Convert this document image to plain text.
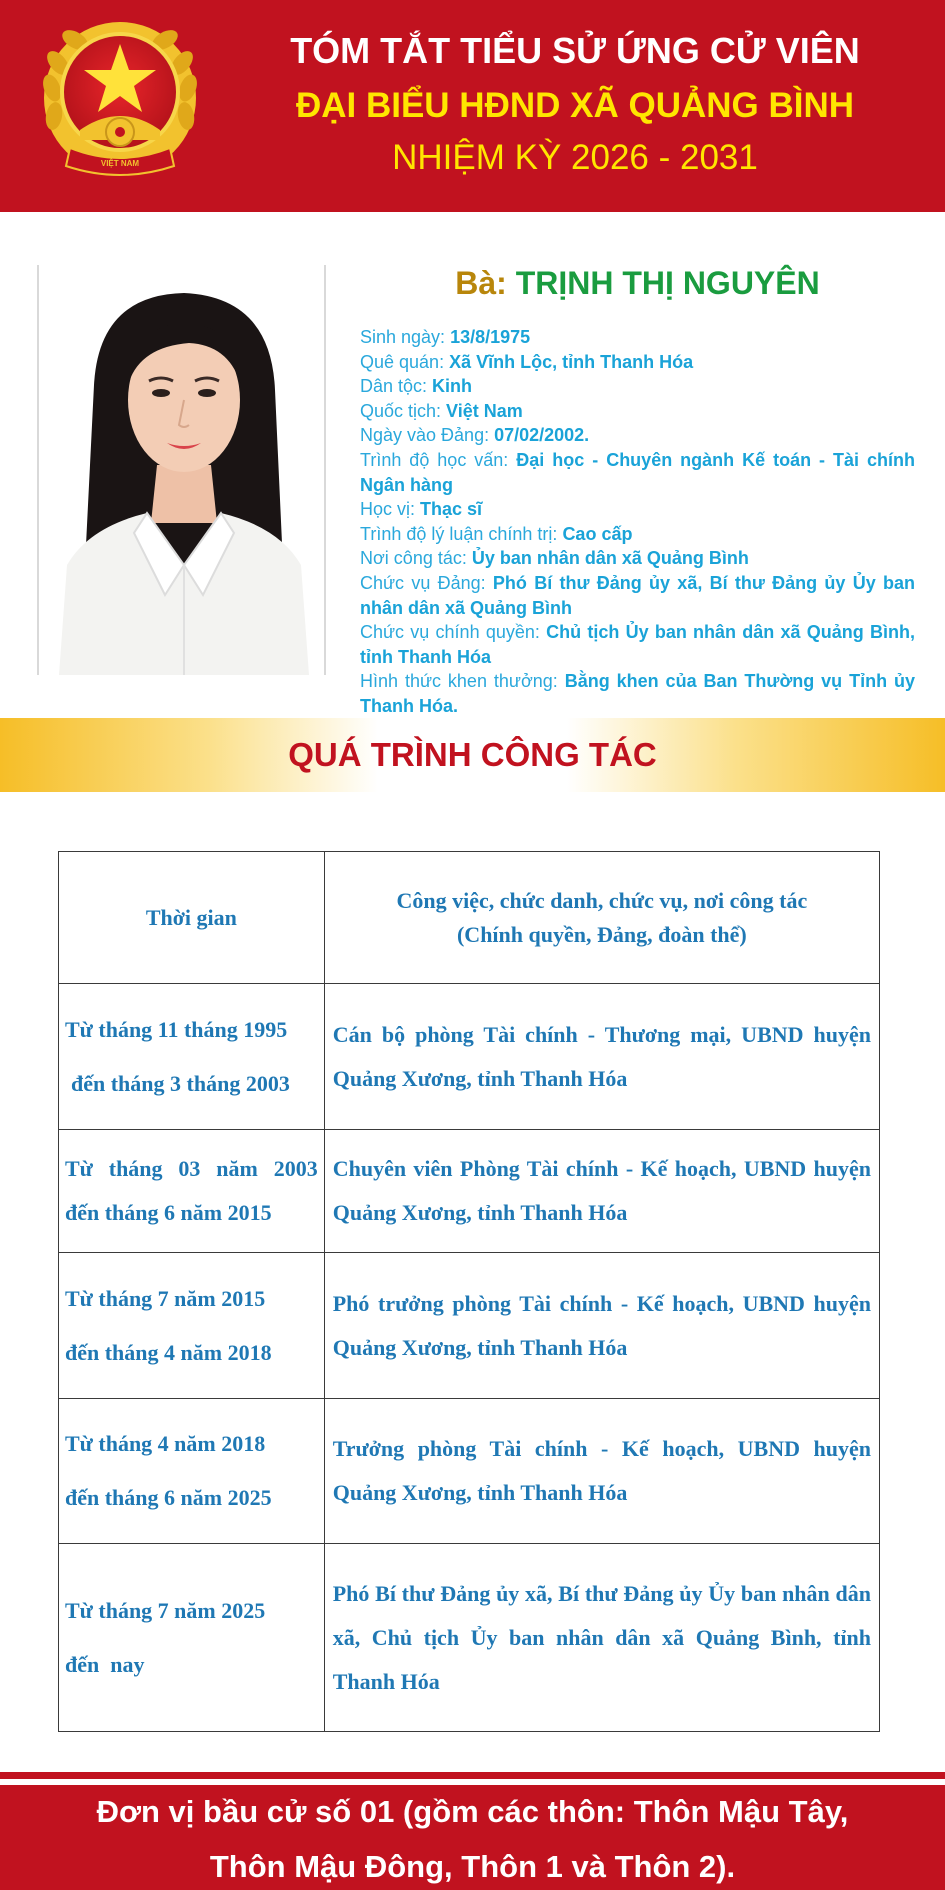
VIỆT NAM
TÓM TẮT TIỂU SỬ ỨNG CỬ VIÊN
ĐẠI BIỂU HĐND XÃ QUẢNG BÌNH
NHIỆM KỲ 2026 - 2031
Bà: TRỊNH THỊ NGUYÊN
Sinh ngày: 13/8/1975
Quê quán: Xã Vĩnh Lộc, tỉnh Thanh Hóa
Dân tộc: Kinh
Quốc tịch: Việt Nam
Ngày vào Đảng: 07/02/2002.
Trình độ học vấn: Đại học - Chuyên ngành Kế toán - Tài chính Ngân hàng
Học vị: Thạc sĩ
Trình độ lý luận chính trị: Cao cấp
Nơi công tác: Ủy ban nhân dân xã Quảng Bình
Chức vụ Đảng: Phó Bí thư Đảng ủy xã, Bí thư Đảng ủy Ủy ban nhân dân xã Quảng Bình
Chức vụ chính quyền: Chủ tịch Ủy ban nhân dân xã Quảng Bình, tỉnh Thanh Hóa
Hình thức khen thưởng: Bằng khen của Ban Thường vụ Tỉnh ủy Thanh Hóa.
QUÁ TRÌNH CÔNG TÁC
Thời gian	Công việc, chức danh, chức vụ, nơi công tác
(Chính quyền, Đảng, đoàn thể)

Từ tháng 11 tháng 1995
đến tháng 3 tháng 2003	Cán bộ phòng Tài chính - Thương mại, UBND huyện Quảng Xương, tỉnh Thanh Hóa

Từ tháng 03 năm 2003
đến tháng 6 năm 2015	Chuyên viên Phòng Tài chính - Kế hoạch, UBND huyện Quảng Xương, tỉnh Thanh Hóa

Từ tháng 7 năm 2015
đến tháng 4 năm 2018	Phó trưởng phòng Tài chính - Kế hoạch, UBND huyện Quảng Xương, tỉnh Thanh Hóa

Từ tháng 4 năm 2018
đến tháng 6 năm 2025	Trưởng phòng Tài chính - Kế hoạch, UBND huyện Quảng Xương, tỉnh Thanh Hóa

Từ tháng 7 năm 2025
đến  nay	Phó Bí thư Đảng ủy xã, Bí thư Đảng ủy Ủy ban nhân dân xã, Chủ tịch Ủy ban nhân dân xã Quảng Bình, tỉnh Thanh Hóa
Đơn vị bầu cử số 01 (gồm các thôn: Thôn Mậu Tây,
Thôn Mậu Đông, Thôn 1 và Thôn 2).
